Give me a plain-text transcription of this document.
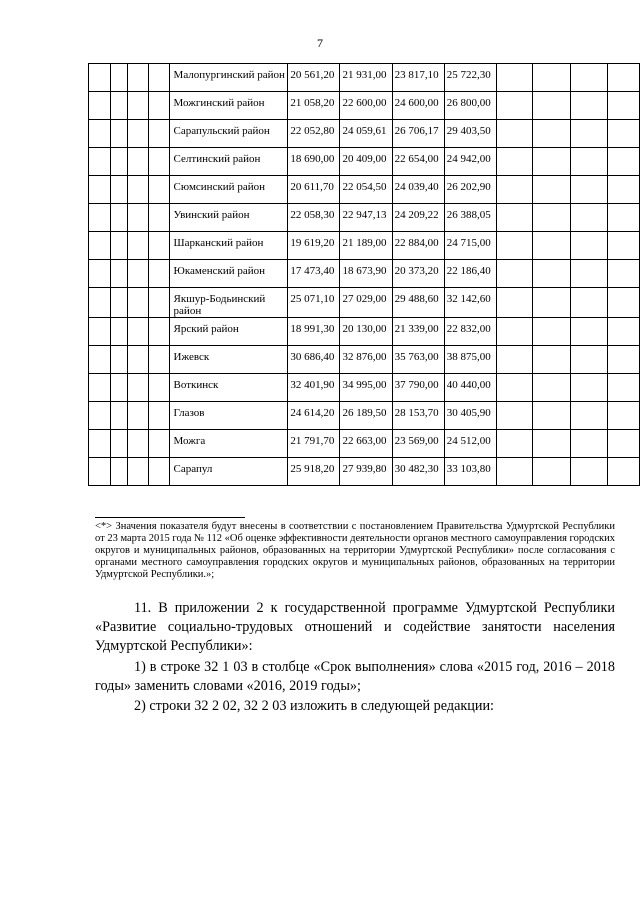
7
				Малопургинский район	20 561,20	21 931,00	23 817,10	25 722,30				
				Можгинский район	21 058,20	22 600,00	24 600,00	26 800,00				
				Сарапульский район	22 052,80	24 059,61	26 706,17	29 403,50				
				Селтинский район	18 690,00	20 409,00	22 654,00	24 942,00				
				Сюмсинский район	20 611,70	22 054,50	24 039,40	26 202,90				
				Увинский район	22 058,30	22 947,13	24 209,22	26 388,05				
				Шарканский район	19 619,20	21 189,00	22 884,00	24 715,00				
				Юкаменский район	17 473,40	18 673,90	20 373,20	22 186,40				
				Якшур-Бодьинский район	25 071,10	27 029,00	29 488,60	32 142,60				
				Ярский район	18 991,30	20 130,00	21 339,00	22 832,00				
				Ижевск	30 686,40	32 876,00	35 763,00	38 875,00				
				Воткинск	32 401,90	34 995,00	37 790,00	40 440,00				
				Глазов	24 614,20	26 189,50	28 153,70	30 405,90				
				Можга	21 791,70	22 663,00	23 569,00	24 512,00				
				Сарапул	25 918,20	27 939,80	30 482,30	33 103,80				
<*> Значения показателя будут внесены в соответствии с постановлением Правительства Удмуртской Республики от 23 марта 2015 года № 112 «Об оценке эффективности деятельности органов местного самоуправления городских округов и муниципальных районов, образованных на территории Удмуртской Республики» после согласования с органами местного самоуправления городских округов и муниципальных районов, образованных на территории Удмуртской Республики.»;
11. В приложении 2 к государственной программе Удмуртской Республики «Развитие социально-трудовых отношений и содействие занятости населения Удмуртской Республики»:
1) в строке 32 1 03 в столбце «Срок выполнения» слова «2015 год, 2016 – 2018 годы» заменить словами «2016, 2019 годы»;
2) строки 32 2 02, 32 2 03 изложить в следующей редакции:
